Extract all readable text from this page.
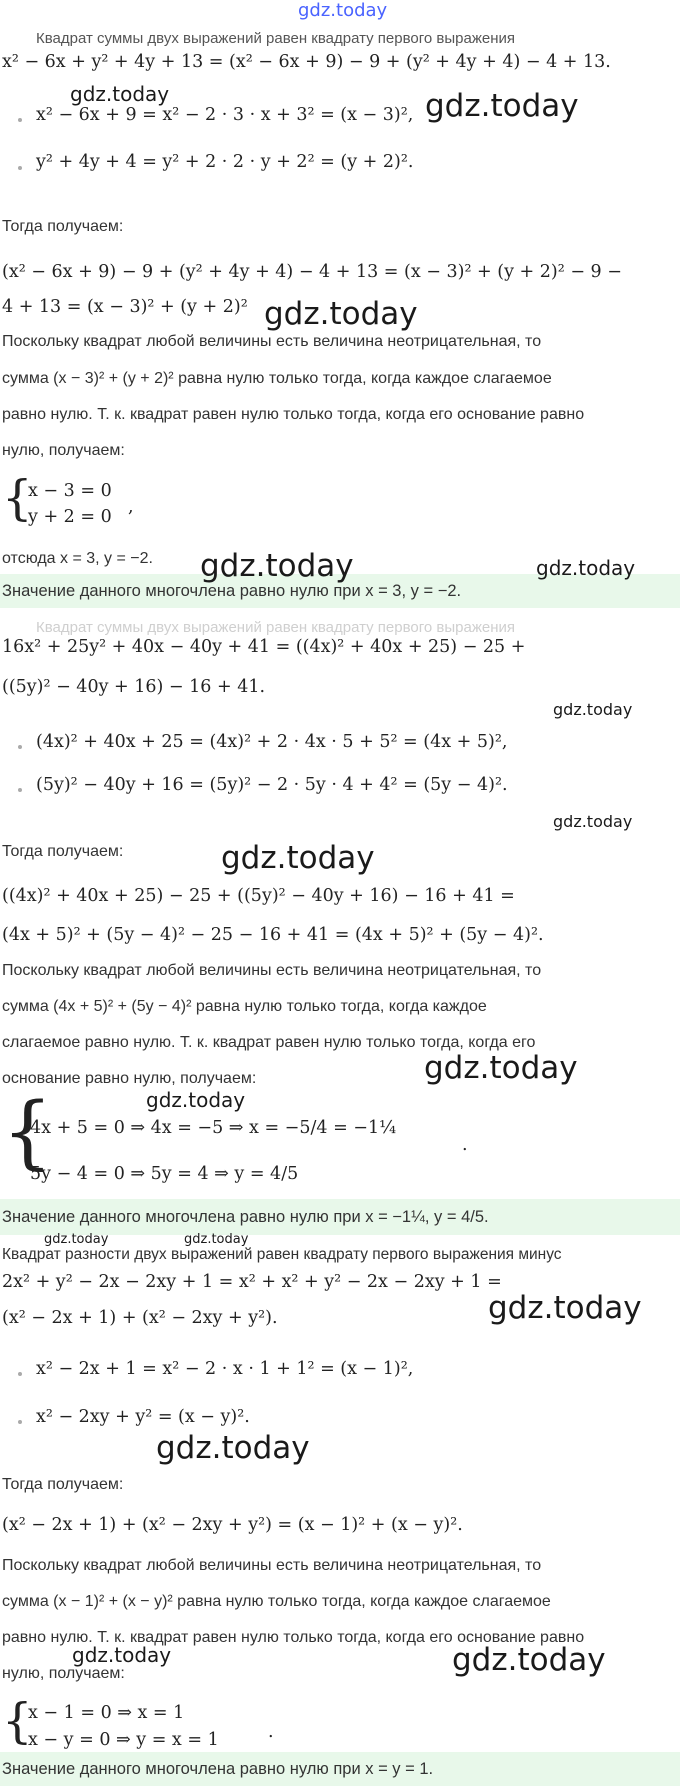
Квадрат суммы двух выражений равен квадрату первого выражения
x² − 6x + y² + 4y + 13 = (x² − 6x + 9) − 9 + (y² + 4y + 4) − 4 + 13.
x² − 6x + 9 = x² − 2 · 3 · x + 3² = (x − 3)²,
y² + 4y + 4 = y² + 2 · 2 · y + 2² = (y + 2)².
Тогда получаем:
(x² − 6x + 9) − 9 + (y² + 4y + 4) − 4 + 13 = (x − 3)² + (y + 2)² − 9 −
4 + 13 = (x − 3)² + (y + 2)²
Поскольку квадрат любой величины есть величина неотрицательная, то
сумма (x − 3)² + (y + 2)² равна нулю только тогда, когда каждое слагаемое
равно нулю. Т. к. квадрат равен нулю только тогда, когда его основание равно
нулю, получаем:
{
x − 3 = 0
y + 2 = 0 ,
отсюда x = 3, y = −2.
Значение данного многочлена равно нулю при x = 3, y = −2.
Квадрат суммы двух выражений равен квадрату первого выражения
16x² + 25y² + 40x − 40y + 41 = ((4x)² + 40x + 25) − 25 +
((5y)² − 40y + 16) − 16 + 41.
(4x)² + 40x + 25 = (4x)² + 2 · 4x · 5 + 5² = (4x + 5)²,
(5y)² − 40y + 16 = (5y)² − 2 · 5y · 4 + 4² = (5y − 4)².
Тогда получаем:
((4x)² + 40x + 25) − 25 + ((5y)² − 40y + 16) − 16 + 41 =
(4x + 5)² + (5y − 4)² − 25 − 16 + 41 = (4x + 5)² + (5y − 4)².
Поскольку квадрат любой величины есть величина неотрицательная, то
сумма (4x + 5)² + (5y − 4)² равна нулю только тогда, когда каждое
слагаемое равно нулю. Т. к. квадрат равен нулю только тогда, когда его
основание равно нулю, получаем:
{
4x + 5 = 0 ⇒ 4x = −5 ⇒ x = −5/4 = −1¼
5y − 4 = 0 ⇒ 5y = 4 ⇒ y = 4/5
.
Значение данного многочлена равно нулю при x = −1¼, y = 4/5.
Квадрат разности двух выражений равен квадрату первого выражения минус
2x² + y² − 2x − 2xy + 1 = x² + x² + y² − 2x − 2xy + 1 =
(x² − 2x + 1) + (x² − 2xy + y²).
x² − 2x + 1 = x² − 2 · x · 1 + 1² = (x − 1)²,
x² − 2xy + y² = (x − y)².
Тогда получаем:
(x² − 2x + 1) + (x² − 2xy + y²) = (x − 1)² + (x − y)².
Поскольку квадрат любой величины есть величина неотрицательная, то
сумма (x − 1)² + (x − y)² равна нулю только тогда, когда каждое слагаемое
равно нулю. Т. к. квадрат равен нулю только тогда, когда его основание равно
нулю, получаем:
{
x − 1 = 0 ⇒ x = 1
x − y = 0 ⇒ y = x = 1	.
Значение данного многочлена равно нулю при x = y = 1.
gdz.today
gdz.today	gdz.today
gdz.today
gdz.today	gdz.today
gdz.today
gdz.today
gdz.today
gdz.today
gdz.today
gdz.today	gdz.today
gdz.today
gdz.today
gdz.today	gdz.today
